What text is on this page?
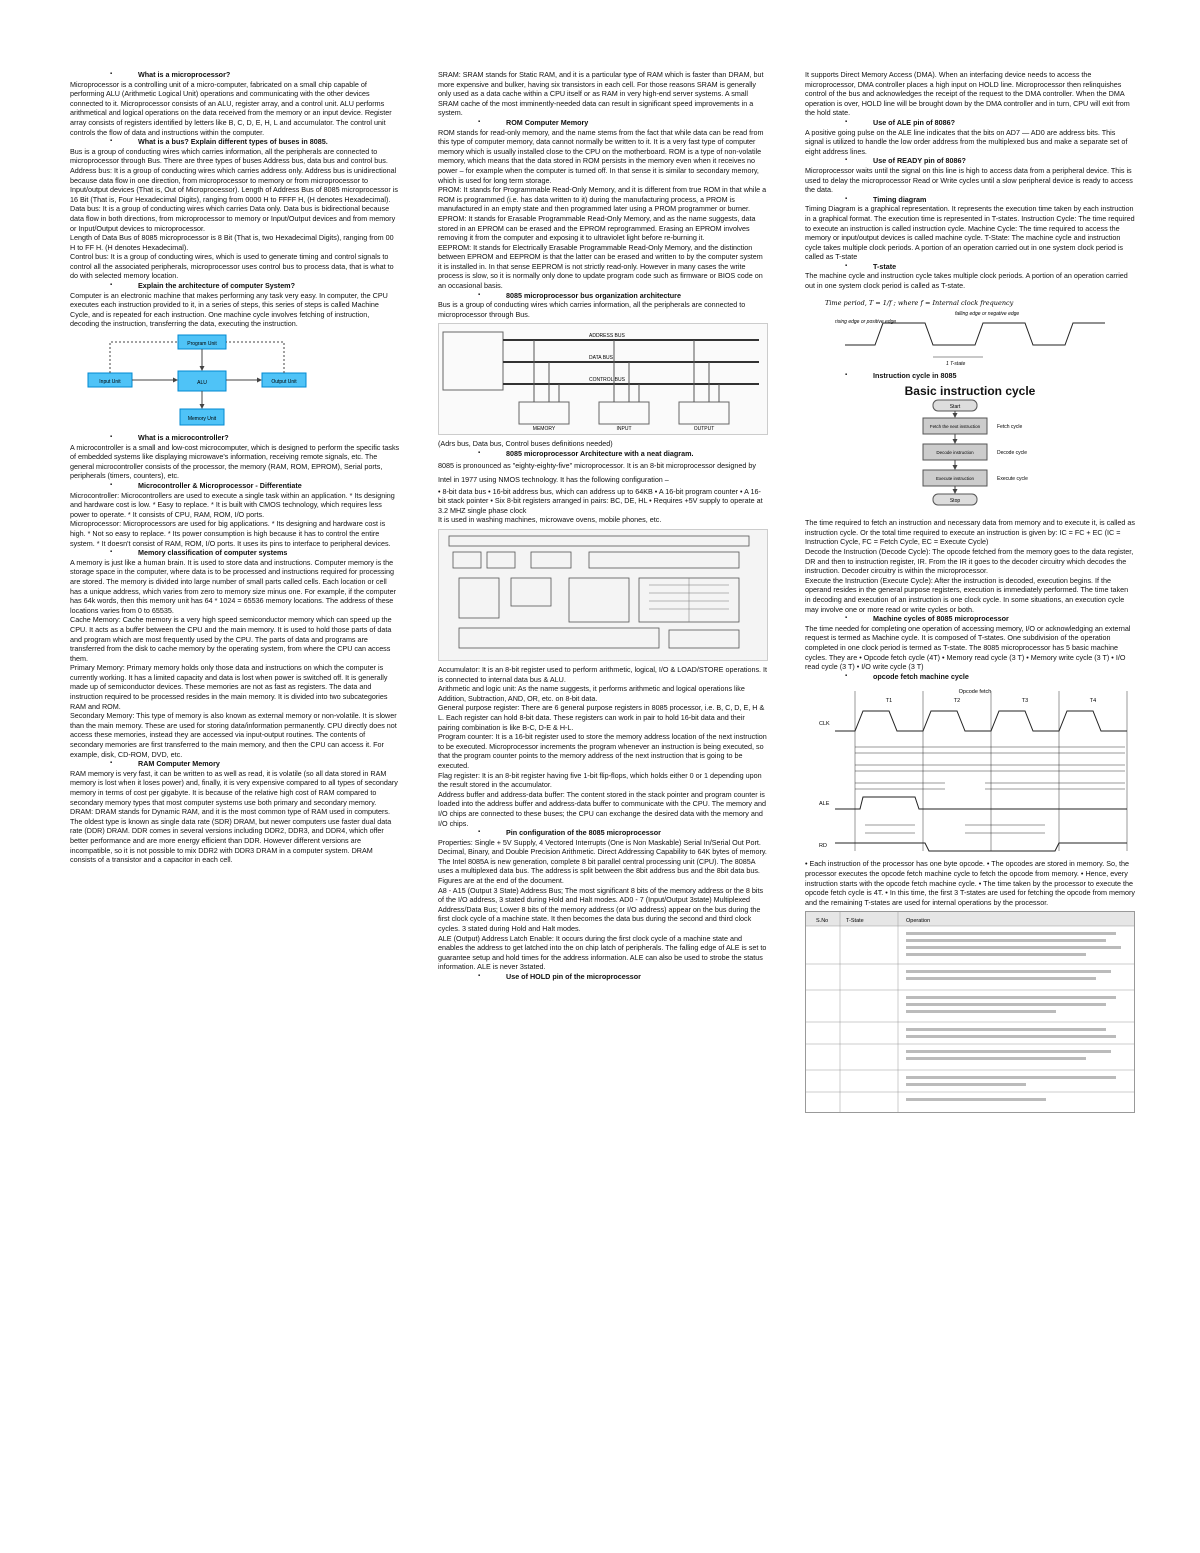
▪ What is a microprocessor?

Microprocessor is a controlling unit of a micro-computer, fabricated on a small chip capable of performing ALU (Arithmetic Logical Unit) operations and communicating with the other devices connected to it. Microprocessor consists of an ALU, register array, and a control unit. ALU performs arithmetical and logical operations on the data received from the memory or an input device. Register array consists of registers identified by letters like B, C, D, E, H, L and accumulator. The control unit controls the flow of data and instructions within the computer.

▪ What is a bus? Explain different types of buses in 8085.

Bus is a group of conducting wires which carries information, all the peripherals are connected to microprocessor through Bus. There are three types of buses Address bus, data bus and control bus.

Address bus: It is a group of conducting wires which carries address only. Address bus is unidirectional because data flow in one direction, from microprocessor to memory or from microprocessor to Input/output devices (That is, Out of Microprocessor). Length of Address Bus of 8085 microprocessor is 16 Bit (That is, Four Hexadecimal Digits), ranging from 0000 H to FFFF H, (H denotes Hexadecimal).

Data bus: It is a group of conducting wires which carries Data only. Data bus is bidirectional because data flow in both directions, from microprocessor to memory or Input/Output devices and from memory or Input/Output devices to microprocessor.

Length of Data Bus of 8085 microprocessor is 8 Bit (That is, two Hexadecimal Digits), ranging from 00 H to FF H. (H denotes Hexadecimal).

Control bus: It is a group of conducting wires, which is used to generate timing and control signals to control all the associated peripherals, microprocessor uses control bus to process data, that is what to do with selected memory location.

▪ Explain the architecture of computer System?

Computer is an electronic machine that makes performing any task very easy. In computer, the CPU executes each instruction provided to it, in a series of steps, this series of steps is called Machine Cycle, and is repeated for each instruction. One machine cycle involves fetching of instruction, decoding the instruction, transferring the data, executing the instruction.

Program Unit
ALU
Input Unit	Output Unit
Memory Unit

▪ What is a microcontroller?

A microcontroller is a small and low-cost microcomputer, which is designed to perform the specific tasks of embedded systems like displaying microwave's information, receiving remote signals, etc. The general microcontroller consists of the processor, the memory (RAM, ROM, EPROM), Serial ports, peripherals (timers, counters), etc.

▪ Microcontroller & Microprocessor - Differentiate

Microcontroller: Microcontrollers are used to execute a single task within an application. * Its designing and hardware cost is low. * Easy to replace. * It is built with CMOS technology, which requires less power to operate. * It consists of CPU, RAM, ROM, I/O ports.

Microprocessor: Microprocessors are used for big applications. * Its designing and hardware cost is high. * Not so easy to replace. * Its power consumption is high because it has to control the entire system. * It doesn't consist of RAM, ROM, I/O ports. It uses its pins to interface to peripheral devices.

▪ Memory classification of computer systems

A memory is just like a human brain. It is used to store data and instructions. Computer memory is the storage space in the computer, where data is to be processed and instructions required for processing are stored. The memory is divided into large number of small parts called cells. Each location or cell has a unique address, which varies from zero to memory size minus one. For example, if the computer has 64k words, then this memory unit has 64 * 1024 = 65536 memory locations. The address of these locations varies from 0 to 65535.

Cache Memory: Cache memory is a very high speed semiconductor memory which can speed up the CPU. It acts as a buffer between the CPU and the main memory. It is used to hold those parts of data and program which are most frequently used by the CPU. The parts of data and programs are transferred from the disk to cache memory by the operating system, from where the CPU can access them.

Primary Memory: Primary memory holds only those data and instructions on which the computer is currently working. It has a limited capacity and data is lost when power is switched off. It is generally made up of semiconductor devices. These memories are not as fast as registers. The data and instruction required to be processed resides in the main memory. It is divided into two subcategories RAM and ROM.

Secondary Memory: This type of memory is also known as external memory or non-volatile. It is slower than the main memory. These are used for storing data/information permanently. CPU directly does not access these memories, instead they are accessed via input-output routines. The contents of secondary memories are first transferred to the main memory, and then the CPU can access it. For example, disk, CD-ROM, DVD, etc.

▪ RAM Computer Memory

RAM memory is very fast, it can be written to as well as read, it is volatile (so all data stored in RAM memory is lost when it loses power) and, finally, it is very expensive compared to all types of secondary memory in terms of cost per gigabyte. It is because of the relative high cost of RAM compared to secondary memory types that most computer systems use both primary and secondary memory.

DRAM: DRAM stands for Dynamic RAM, and it is the most common type of RAM used in computers. The oldest type is known as single data rate (SDR) DRAM, but newer computers use faster dual data rate (DDR) DRAM. DDR comes in several versions including DDR2, DDR3, and DDR4, which offer better performance and are more energy efficient than DDR. However different versions are incompatible, so it is not possible to mix DDR2 with DDR3 DRAM in a computer system. DRAM consists of a transistor and a capacitor in each cell.

SRAM: SRAM stands for Static RAM, and it is a particular type of RAM which is faster than DRAM, but more expensive and bulker, having six transistors in each cell. For those reasons SRAM is generally only used as a data cache within a CPU itself or as RAM in very high-end server systems. A small SRAM cache of the most imminently-needed data can result in significant speed improvements in a system.

▪ ROM Computer Memory

ROM stands for read-only memory, and the name stems from the fact that while data can be read from this type of computer memory, data cannot normally be written to it. It is a very fast type of computer memory which is usually installed close to the CPU on the motherboard. ROM is a type of non-volatile memory, which means that the data stored in ROM persists in the memory even when it receives no power – for example when the computer is turned off. In that sense it is similar to secondary memory, which is used for long term storage.

PROM: It stands for Programmable Read-Only Memory, and it is different from true ROM in that while a ROM is programmed (i.e. has data written to it) during the manufacturing process, a PROM is manufactured in an empty state and then programmed later using a PROM programmer or burner.

EPROM: It stands for Erasable Programmable Read-Only Memory, and as the name suggests, data stored in an EPROM can be erased and the EPROM reprogrammed. Erasing an EPROM involves removing it from the computer and exposing it to ultraviolet light before re-burning it.

EEPROM: It stands for Electrically Erasable Programmable Read-Only Memory, and the distinction between EPROM and EEPROM is that the latter can be erased and written to by the computer system it is installed in. In that sense EEPROM is not strictly read-only. However in many cases the write process is slow, so it is normally only done to update program code such as firmware or BIOS code on an occasional basis.

▪ 8085 microprocessor bus organization architecture

Bus is a group of conducting wires which carries information, all the peripherals are connected to microprocessor through Bus.

ADDRESS BUS
DATA BUS
CONTROL BUS
MEMORY	INPUT	OUTPUT

(Adrs bus, Data bus, Control buses definitions needed)

▪ 8085 microprocessor Architecture with a neat diagram.

8085 is pronounced as "eighty-eighty-five" microprocessor. It is an 8-bit microprocessor designed by Intel in 1977 using NMOS technology. It has the following configuration –

• 8-bit data bus • 16-bit address bus, which can address up to 64KB • A 16-bit program counter • A 16-bit stack pointer • Six 8-bit registers arranged in pairs: BC, DE, HL • Requires +5V supply to operate at 3.2 MHZ single phase clock

It is used in washing machines, microwave ovens, mobile phones, etc.

Accumulator: It is an 8-bit register used to perform arithmetic, logical, I/O & LOAD/STORE operations. It is connected to internal data bus & ALU.

Arithmetic and logic unit: As the name suggests, it performs arithmetic and logical operations like Addition, Subtraction, AND, OR, etc. on 8-bit data.

General purpose register: There are 6 general purpose registers in 8085 processor, i.e. B, C, D, E, H & L. Each register can hold 8-bit data. These registers can work in pair to hold 16-bit data and their pairing combination is like B-C, D-E & H-L.

Program counter: It is a 16-bit register used to store the memory address location of the next instruction to be executed. Microprocessor increments the program whenever an instruction is being executed, so that the program counter points to the memory address of the next instruction that is going to be executed.

Flag register: It is an 8-bit register having five 1-bit flip-flops, which holds either 0 or 1 depending upon the result stored in the accumulator.

Address buffer and address-data buffer: The content stored in the stack pointer and program counter is loaded into the address buffer and address-data buffer to communicate with the CPU. The memory and I/O chips are connected to these buses; the CPU can exchange the desired data with the memory and I/O chips.

▪ Pin configuration of the 8085 microprocessor

Properties: Single + 5V Supply, 4 Vectored Interrupts (One is Non Maskable) Serial In/Serial Out Port. Decimal, Binary, and Double Precision Arithmetic. Direct Addressing Capability to 64K bytes of memory. The Intel 8085A is new generation, complete 8 bit parallel central processing unit (CPU). The 8085A uses a multiplexed data bus. The address is split between the 8bit address bus and the 8bit data bus. Figures are at the end of the document.

A8 - A15 (Output 3 State) Address Bus; The most significant 8 bits of the memory address or the 8 bits of the I/O address, 3 stated during Hold and Halt modes. AD0 - 7 (Input/Output 3state) Multiplexed Address/Data Bus; Lower 8 bits of the memory address (or I/O address) appear on the bus during the first clock cycle of a machine state. It then becomes the data bus during the second and third clock cycles. 3 stated during Hold and Halt modes.

ALE (Output) Address Latch Enable: It occurs during the first clock cycle of a machine state and enables the address to get latched into the on chip latch of peripherals. The falling edge of ALE is set to guarantee setup and hold times for the address information. ALE can also be used to strobe the status information. ALE is never 3stated.

▪ Use of HOLD pin of the microprocessor

It supports Direct Memory Access (DMA). When an interfacing device needs to access the microprocessor, DMA controller places a high input on HOLD line. Microprocessor then relinquishes control of the bus and acknowledges the receipt of the request to the DMA controller. When the DMA operation is over, HOLD line will be brought down by the DMA controller and in turn, CPU will exit from the hold state.

▪ Use of ALE pin of 8086?

A positive going pulse on the ALE line indicates that the bits on AD7 — AD0 are address bits. This signal is utilized to handle the low order address from the multiplexed bus and make a separate set of eight address lines.

▪ Use of READY pin of 8086?

Microprocessor waits until the signal on this line is high to access data from a peripheral device. This is used to delay the microprocessor Read or Write cycles until a slow peripheral device is ready to access the data.

▪ Timing diagram

Timing Diagram is a graphical representation. It represents the execution time taken by each instruction in a graphical format. The execution time is represented in T-states. Instruction Cycle: The time required to execute an instruction is called instruction cycle. Machine Cycle: The time required to access the memory or input/output devices is called machine cycle. T-State: The machine cycle and instruction cycle takes multiple clock periods. A portion of an operation carried out in one system clock period is called as T-state

▪ T-state

The machine cycle and instruction cycle takes multiple clock periods. A portion of an operation carried out in one system clock period is called as T-state.

Time period, T = 1/f ; where f = Internal clock frequency
rising edge or positive edge
falling edge or negative edge
1 T-state

▪ Instruction cycle in 8085

Basic instruction cycle
Start
Fetch the next instruction
Decode instruction
Execute instruction
Stop
Fetch cycle
Decode cycle
Execute cycle

The time required to fetch an instruction and necessary data from memory and to execute it, is called as instruction cycle. Or the total time required to execute an instruction is given by: IC = FC + EC (IC = Instruction Cycle, FC = Fetch Cycle, EC = Execute Cycle)

Decode the Instruction (Decode Cycle): The opcode fetched from the memory goes to the data register, DR and then to instruction register, IR. From the IR it goes to the decoder circuitry which decodes the instruction. Decoder circuitry is within the microprocessor.

Execute the Instruction (Execute Cycle): After the instruction is decoded, execution begins. If the operand resides in the general purpose registers, execution is immediately performed. The time taken in decoding and execution of an instruction is one clock cycle. In some situations, an execution cycle may involve one or more read or write cycles or both.

▪ Machine cycles of 8085 microprocessor

The time needed for completing one operation of accessing memory, I/O or acknowledging an external request is termed as Machine cycle. It is composed of T-states. One subdivision of the operation completed in one clock period is termed as T-state. The 8085 microprocessor has 5 basic machine cycles. They are • Opcode fetch cycle (4T) • Memory read cycle (3 T) • Memory write cycle (3 T) • I/O read cycle (3 T) • I/O write cycle (3 T)

▪ opcode fetch machine cycle

Opcode fetch
T1	T2	T3	T4
CLK
ALE
RD

• Each instruction of the processor has one byte opcode. • The opcodes are stored in memory. So, the processor executes the opcode fetch machine cycle to fetch the opcode from memory. • Hence, every instruction starts with the opcode fetch machine cycle. • The time taken by the processor to execute the opcode fetch cycle is 4T. • In this time, the first 3 T-states are used for fetching the opcode from memory and the remaining T-states are used for internal operations by the processor.

S.No	T-State	Operation
